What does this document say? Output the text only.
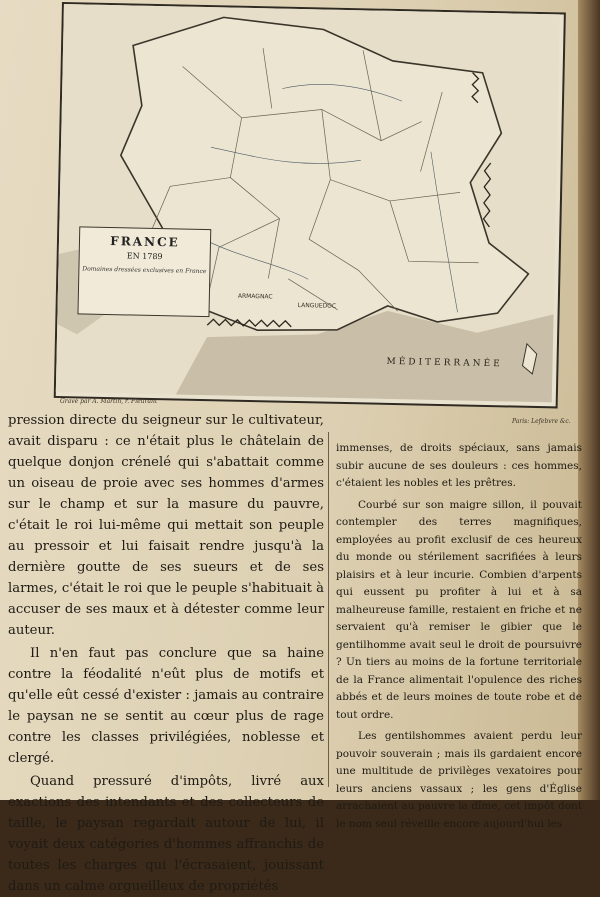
LANGUEDOC
ARMAGNAC
FRANCE
EN 1789
Domaines dressées exclusives en France
MÉDITERRANÉE
Gravé par A. Martin, r. Fleurant
Paris: Lefebvre &c.

pression directe du seigneur sur le cultivateur, avait disparu : ce n'était plus le châtelain de quelque donjon crénelé qui s'abattait comme un oiseau de proie avec ses hommes d'armes sur le champ et sur la masure du pauvre, c'était le roi lui-même qui mettait son peuple au pressoir et lui faisait rendre jusqu'à la dernière goutte de ses sueurs et de ses larmes, c'était le roi que le peuple s'habituait à accuser de ses maux et à détester comme leur auteur.

Il n'en faut pas conclure que sa haine contre la féodalité n'eût plus de motifs et qu'elle eût cessé d'exister : jamais au contraire le paysan ne se sentit au cœur plus de rage contre les classes privilégiées, noblesse et clergé.

Quand pressuré d'impôts, livré aux exactions des intendants et des collecteurs de taille, le paysan regardait autour de lui, il voyait deux catégories d'hommes affranchis de toutes les charges qui l'écrasaient, jouissant dans un calme orgueilleux de propriétés

immenses, de droits spéciaux, sans jamais subir aucune de ses douleurs : ces hommes, c'étaient les nobles et les prêtres.

Courbé sur son maigre sillon, il pouvait contempler des terres magnifiques, employées au profit exclusif de ces heureux du monde ou stérilement sacrifiées à leurs plaisirs et à leur incurie. Combien d'arpents qui eussent pu profiter à lui et à sa malheureuse famille, restaient en friche et ne servaient qu'à remiser le gibier que le gentilhomme avait seul le droit de poursuivre ? Un tiers au moins de la fortune territoriale de la France alimentait l'opulence des riches abbés et de leurs moines de toute robe et de tout ordre.

Les gentilshommes avaient perdu leur pouvoir souverain ; mais ils gardaient encore une multitude de privilèges vexatoires pour leurs anciens vassaux ; les gens d'Église arrachaient au pauvre la dîme, cet impôt dont le nom seul réveille encore aujourd'hui les
